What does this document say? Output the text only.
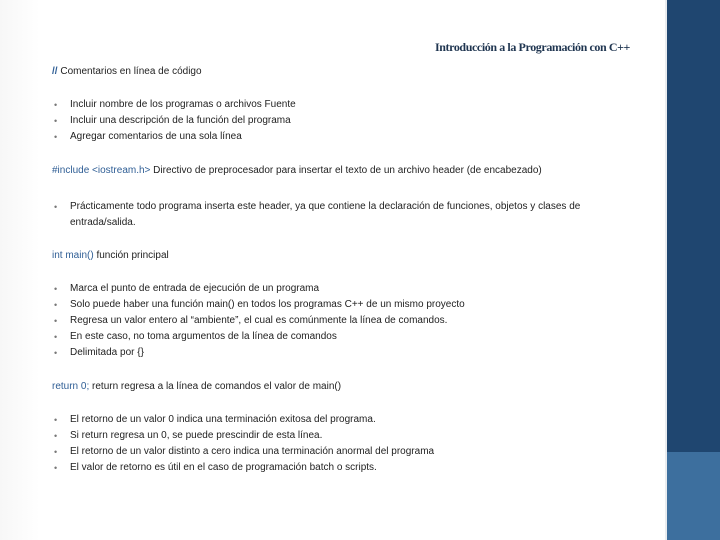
Introducción a la Programación con C++

// Comentarios en línea de código

• Incluir nombre de los programas o archivos Fuente
• Incluir una descripción de la función del programa
• Agregar comentarios de una sola línea

#include <iostream.h> Directivo de preprocesador para insertar el texto de un archivo header (de encabezado)

• Prácticamente todo programa inserta este header, ya que contiene la declaración de funciones, objetos y clases de entrada/salida.

int main() función principal

• Marca el punto de entrada de ejecución de un programa
• Solo puede haber una función main() en todos los programas C++ de un mismo proyecto
• Regresa un valor entero al “ambiente”, el cual es comúnmente la línea de comandos.
• En este caso, no toma argumentos de la línea de comandos
• Delimitada por {}

return 0; return regresa a la línea de comandos el valor de main()

• El retorno de un valor 0 indica una terminación exitosa del programa.
• Si return regresa un 0, se puede prescindir de esta línea.
• El retorno de un valor distinto a cero indica una terminación anormal del programa
• El valor de retorno es útil en el caso de programación batch o scripts.
